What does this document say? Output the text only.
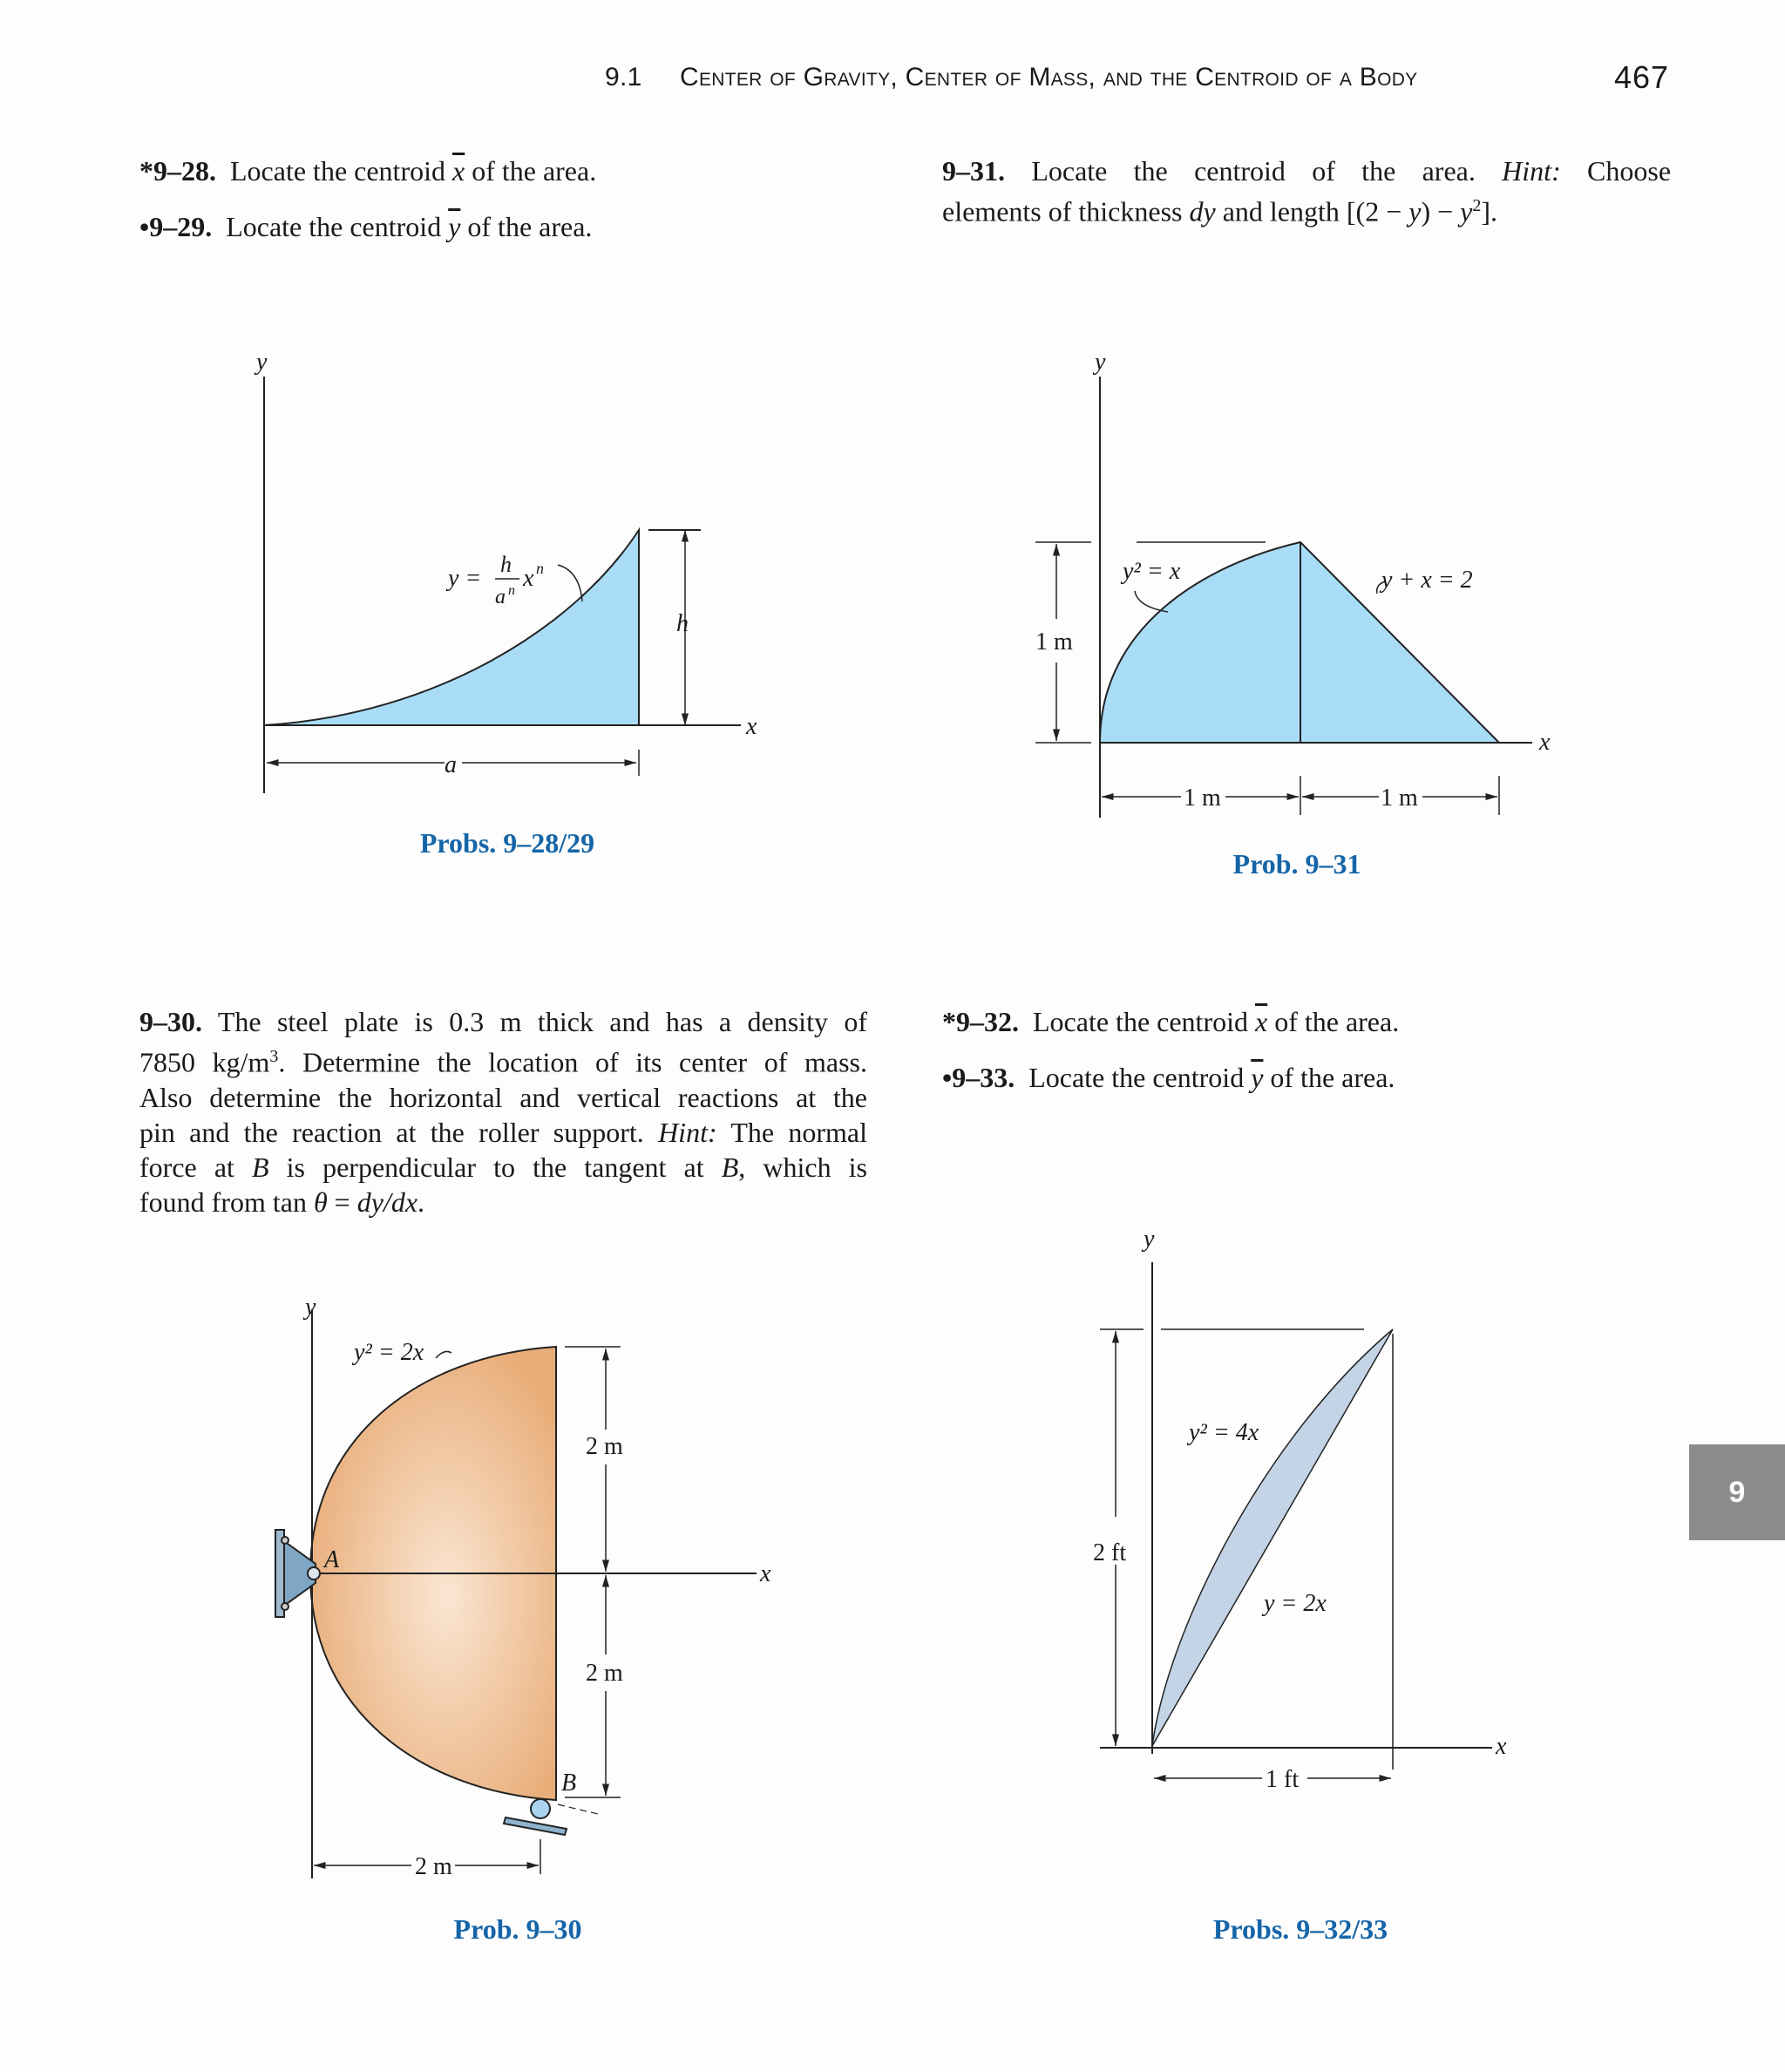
9.1 Center of Gravity, Center of Mass, and the Centroid of a Body	467
*9–28. Locate the centroid $\overline{x}$ of the area.
•9–29. Locate the centroid $\overline{y}$ of the area.
9–31. Locate the centroid of the area. Hint: Choose
elements of thickness dy and length $[(2 - y) - y^2]$.
9–30. The steel plate is 0.3 m thick and has a density of
7850 $kg/m^3$. Determine the location of its center of mass.
Also determine the horizontal and vertical reactions at the
pin and the reaction at the roller support. Hint: The normal
force at B is perpendicular to the tangent at B, which is
found from tan θ = dy/dx.
*9–32. Locate the centroid $\overline{x}$ of the area.
•9–33. Locate the centroid $\overline{y}$ of the area.
y
x
a
h
y =
h
a n x n
Probs. 9–28/29
y
x
y² = x	y + x = 2
1 m
1 m	1 m
Prob. 9–31
y
x
y² = 2x
A
B
2 m
2 m
2 m
Prob. 9–30
y
x
y² = 4x
y = 2x
2 ft
1 ft
Probs. 9–32/33
9
